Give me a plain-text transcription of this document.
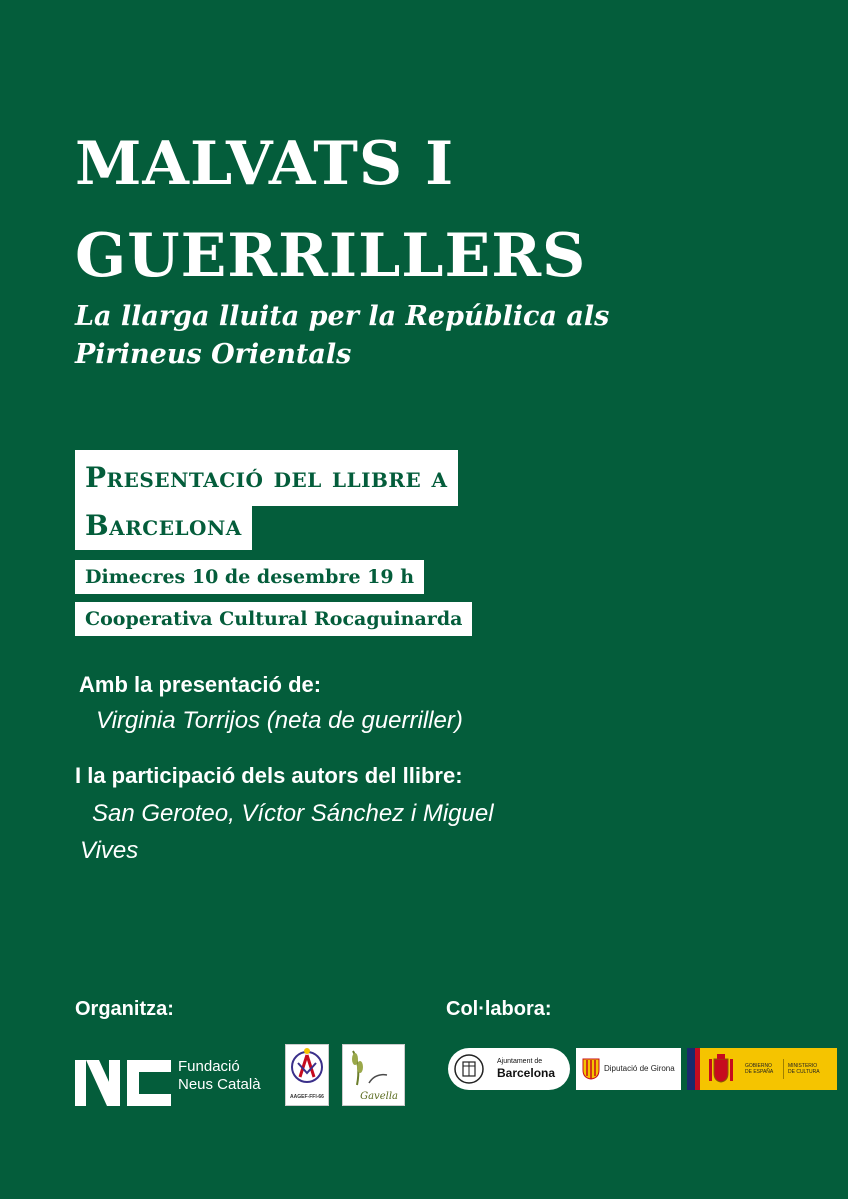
MALVATS I
GUERRILLERS
La llarga lluita per la República als
Pirineus Orientals
Presentació del llibre a
Barcelona
Dimecres 10 de desembre 19 h
Cooperativa Cultural Rocaguinarda
Amb la presentació de:
Virginia Torrijos (neta de guerriller)
I la participació dels autors del llibre:
San Geroteo, Víctor Sánchez i Miguel
Vives
Organitza:	Col·labora:
Fundació
Neus Català
AAGEF-FFI-66	Gavella
Ajuntament de
Barcelona	Diputació de Girona	GOBIERNO
DE ESPAÑA
MINISTERIO
DE CULTURA
